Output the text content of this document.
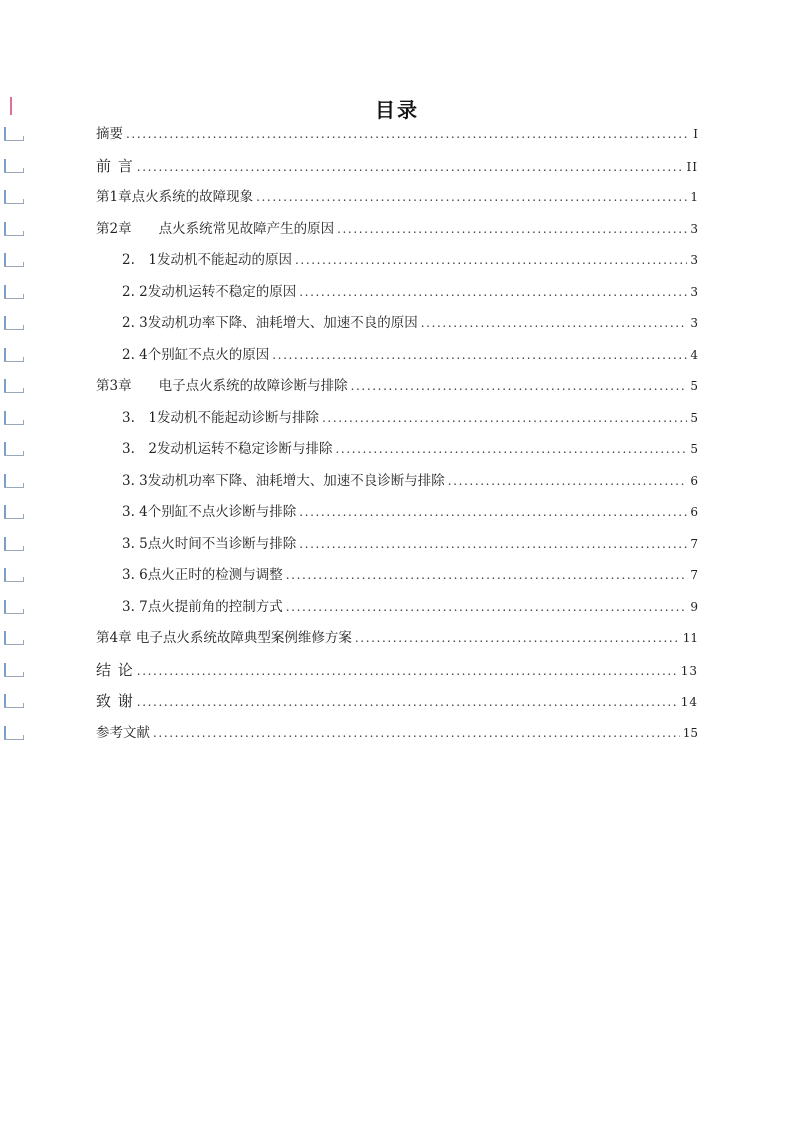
目录
摘要 .....	I
前 言 .....	II
第1章点火系统的故障现象 .....	1
第2章　　点火系统常见故障产生的原因 .....	3
2.　1发动机不能起动的原因 .....	3
2. 2发动机运转不稳定的原因 .....	3
2. 3发动机功率下降、油耗增大、加速不良的原因 .....	3
2. 4个别缸不点火的原因 .....	4
第3章　　电子点火系统的故障诊断与排除 .....	5
3.　1发动机不能起动诊断与排除 .....	5
3.　2发动机运转不稳定诊断与排除 .....	5
3. 3发动机功率下降、油耗增大、加速不良诊断与排除 .....	6
3. 4个别缸不点火诊断与排除 .....	6
3. 5点火时间不当诊断与排除 .....	7
3. 6点火正时的检测与调整 .....	7
3. 7点火提前角的控制方式 .....	9
第4章 电子点火系统故障典型案例维修方案 .....	11
结 论 .....	13
致 谢 .....	14
参考文献 .....	15
